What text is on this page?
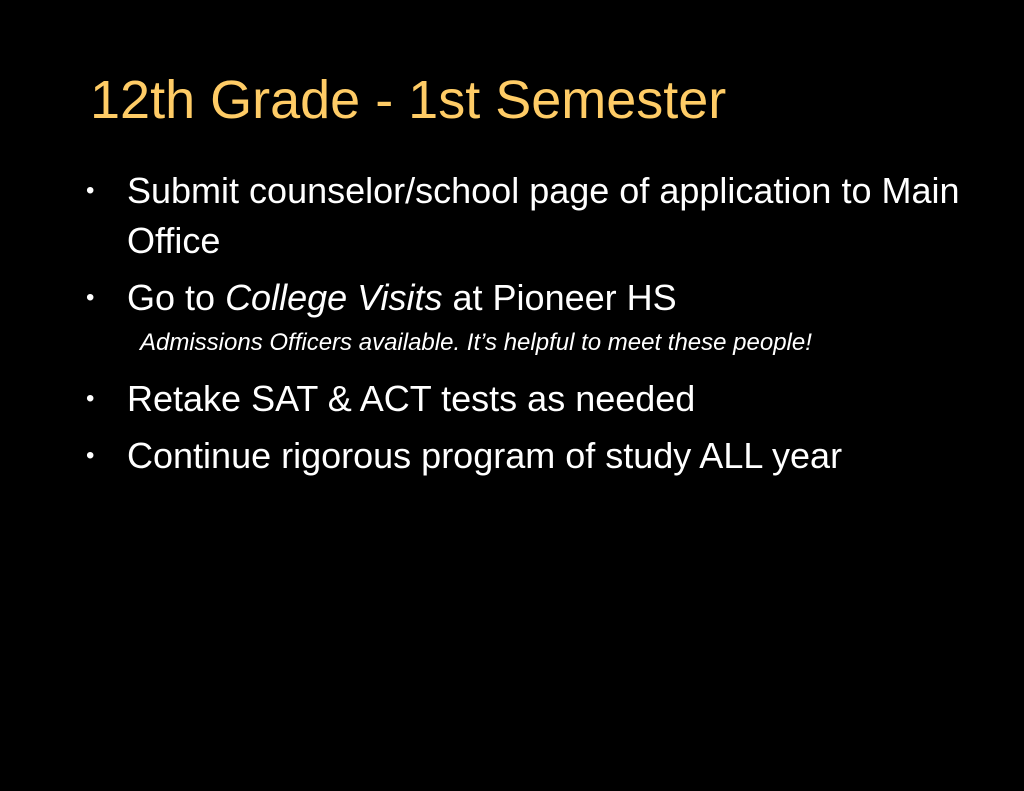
12th Grade - 1st Semester
• Submit counselor/school page of application to Main Office
• Go to College Visits at Pioneer HS
Admissions Officers available. It’s helpful to meet these people!
• Retake SAT & ACT tests as needed
• Continue rigorous program of study ALL year
